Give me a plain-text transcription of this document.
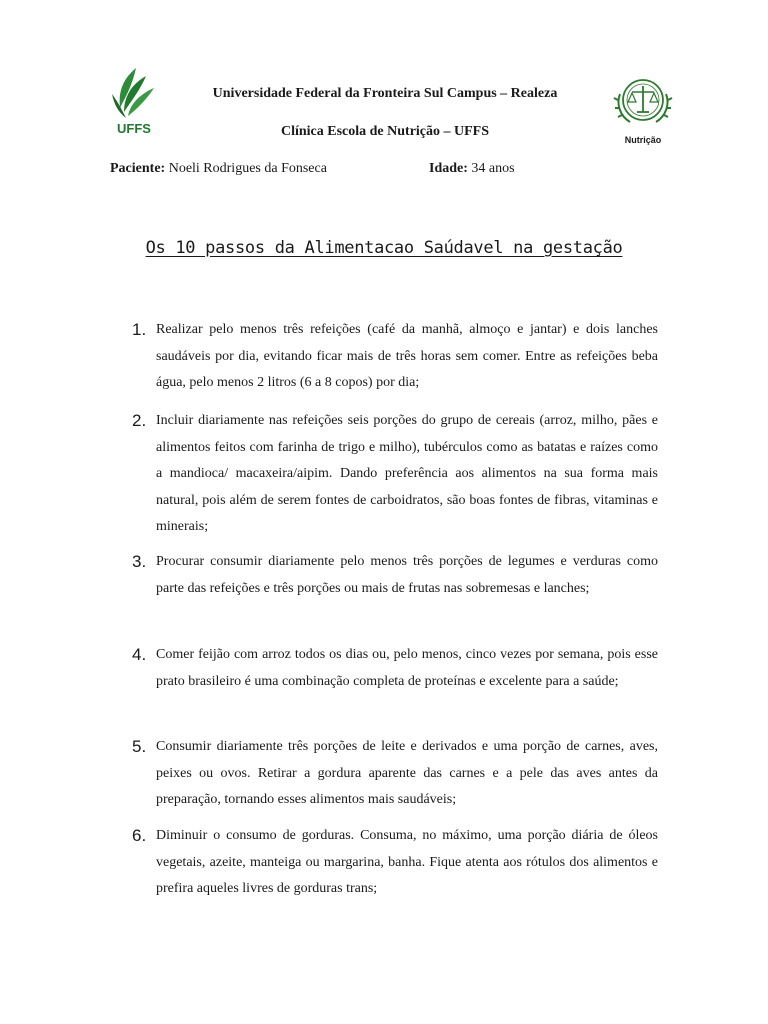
UFFS
Nutrição
Universidade Federal da Fronteira Sul Campus – Realeza
Clínica Escola de Nutrição – UFFS
Paciente: Noeli Rodrigues da Fonseca	Idade: 34 anos
Os 10 passos da Alimentacao Saúdavel na gestação
1. Realizar pelo menos três refeições (café da manhã, almoço e jantar) e dois lanches saudáveis por dia, evitando ficar mais de três horas sem comer. Entre as refeições beba água, pelo menos 2 litros (6 a 8 copos) por dia;
2. Incluir diariamente nas refeições seis porções do grupo de cereais (arroz, milho, pães e alimentos feitos com farinha de trigo e milho), tubérculos como as batatas e raízes como a mandioca/ macaxeira/aipim. Dando preferência aos alimentos na sua forma mais natural, pois além de serem fontes de carboidratos, são boas fontes de fibras, vitaminas e minerais;
3. Procurar consumir diariamente pelo menos três porções de legumes e verduras como parte das refeições e três porções ou mais de frutas nas sobremesas e lanches;
4. Comer feijão com arroz todos os dias ou, pelo menos, cinco vezes por semana, pois esse prato brasileiro é uma combinação completa de proteínas e excelente para a saúde;
5. Consumir diariamente três porções de leite e derivados e uma porção de carnes, aves, peixes ou ovos. Retirar a gordura aparente das carnes e a pele das aves antes da preparação, tornando esses alimentos mais saudáveis;
6. Diminuir o consumo de gorduras. Consuma, no máximo, uma porção diária de óleos vegetais, azeite, manteiga ou margarina, banha. Fique atenta aos rótulos dos alimentos e prefira aqueles livres de gorduras trans;
